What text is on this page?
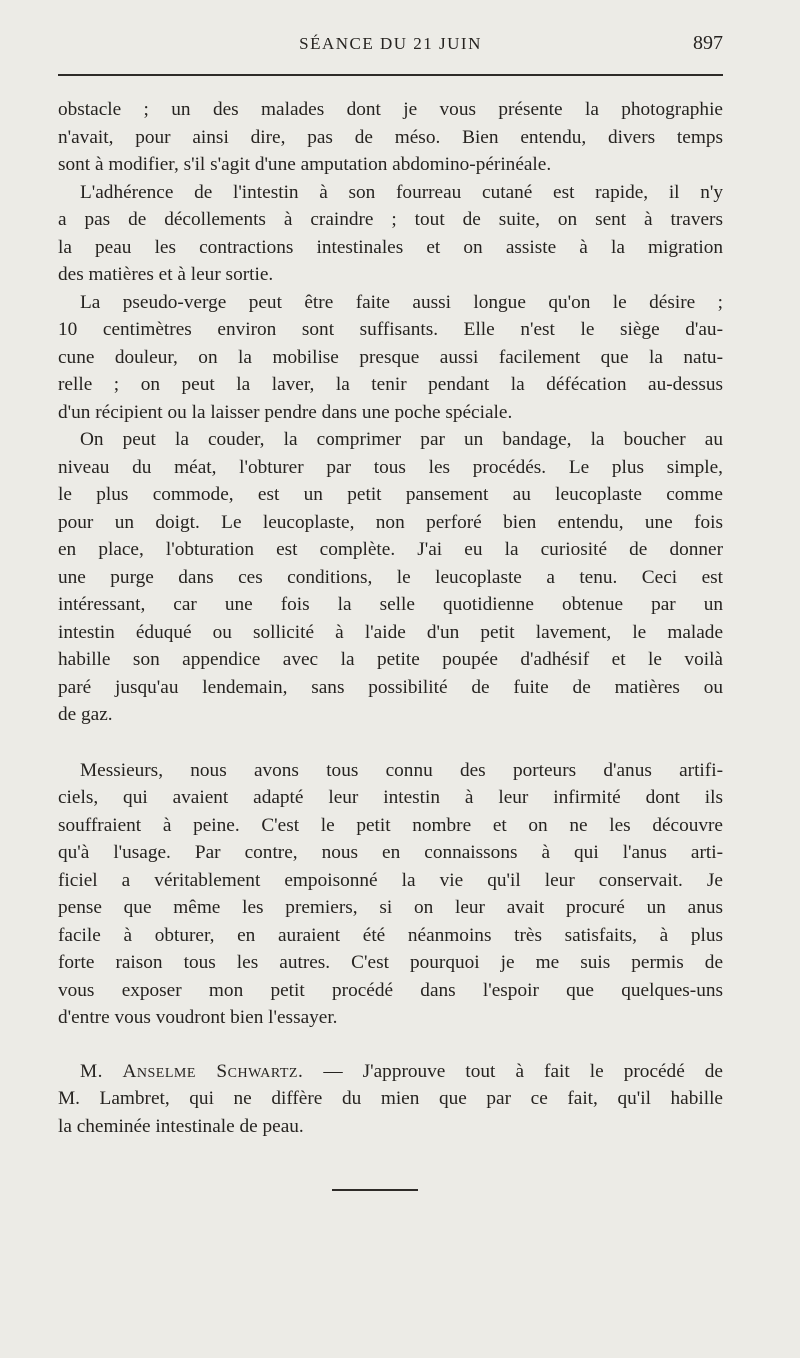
SÉANCE DU 21 JUIN	897
obstacle ; un des malades dont je vous présente la photographie
n'avait, pour ainsi dire, pas de méso. Bien entendu, divers temps
sont à modifier, s'il s'agit d'une amputation abdomino-périnéale.
L'adhérence de l'intestin à son fourreau cutané est rapide, il n'y
a pas de décollements à craindre ; tout de suite, on sent à travers
la peau les contractions intestinales et on assiste à la migration
des matières et à leur sortie.
La pseudo-verge peut être faite aussi longue qu'on le désire ;
10 centimètres environ sont suffisants. Elle n'est le siège d'au-
cune douleur, on la mobilise presque aussi facilement que la natu-
relle ; on peut la laver, la tenir pendant la défécation au-dessus
d'un récipient ou la laisser pendre dans une poche spéciale.
On peut la couder, la comprimer par un bandage, la boucher au
niveau du méat, l'obturer par tous les procédés. Le plus simple,
le plus commode, est un petit pansement au leucoplaste comme
pour un doigt. Le leucoplaste, non perforé bien entendu, une fois
en place, l'obturation est complète. J'ai eu la curiosité de donner
une purge dans ces conditions, le leucoplaste a tenu. Ceci est
intéressant, car une fois la selle quotidienne obtenue par un
intestin éduqué ou sollicité à l'aide d'un petit lavement, le malade
habille son appendice avec la petite poupée d'adhésif et le voilà
paré jusqu'au lendemain, sans possibilité de fuite de matières ou
de gaz.
Messieurs, nous avons tous connu des porteurs d'anus artifi-
ciels, qui avaient adapté leur intestin à leur infirmité dont ils
souffraient à peine. C'est le petit nombre et on ne les découvre
qu'à l'usage. Par contre, nous en connaissons à qui l'anus arti-
ficiel a véritablement empoisonné la vie qu'il leur conservait. Je
pense que même les premiers, si on leur avait procuré un anus
facile à obturer, en auraient été néanmoins très satisfaits, à plus
forte raison tous les autres. C'est pourquoi je me suis permis de
vous exposer mon petit procédé dans l'espoir que quelques-uns
d'entre vous voudront bien l'essayer.
M. Anselme Schwartz. — J'approuve tout à fait le procédé de
M. Lambret, qui ne diffère du mien que par ce fait, qu'il habille
la cheminée intestinale de peau.
